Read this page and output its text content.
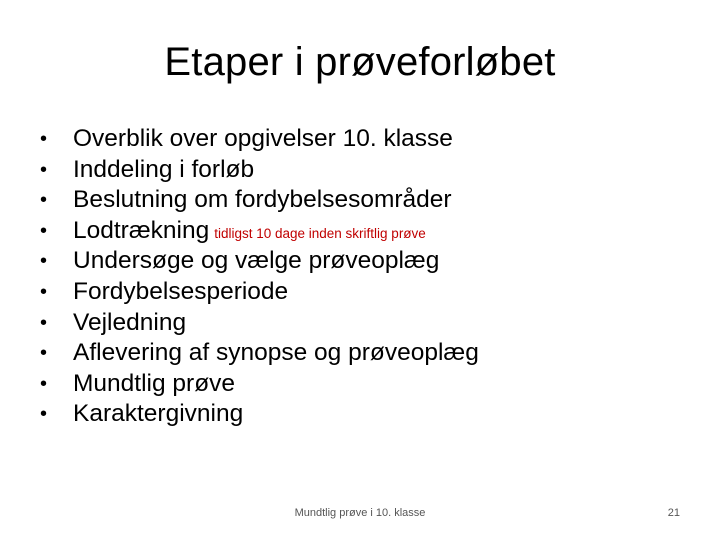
Etaper i prøveforløbet
• Overblik over opgivelser 10. klasse
• Inddeling i forløb
• Beslutning om fordybelsesområder
• Lodtrækning tidligst 10 dage inden skriftlig prøve
• Undersøge og vælge prøveoplæg
• Fordybelsesperiode
• Vejledning
• Aflevering af synopse og prøveoplæg
• Mundtlig prøve
• Karaktergivning
Mundtlig prøve i 10. klasse	21
